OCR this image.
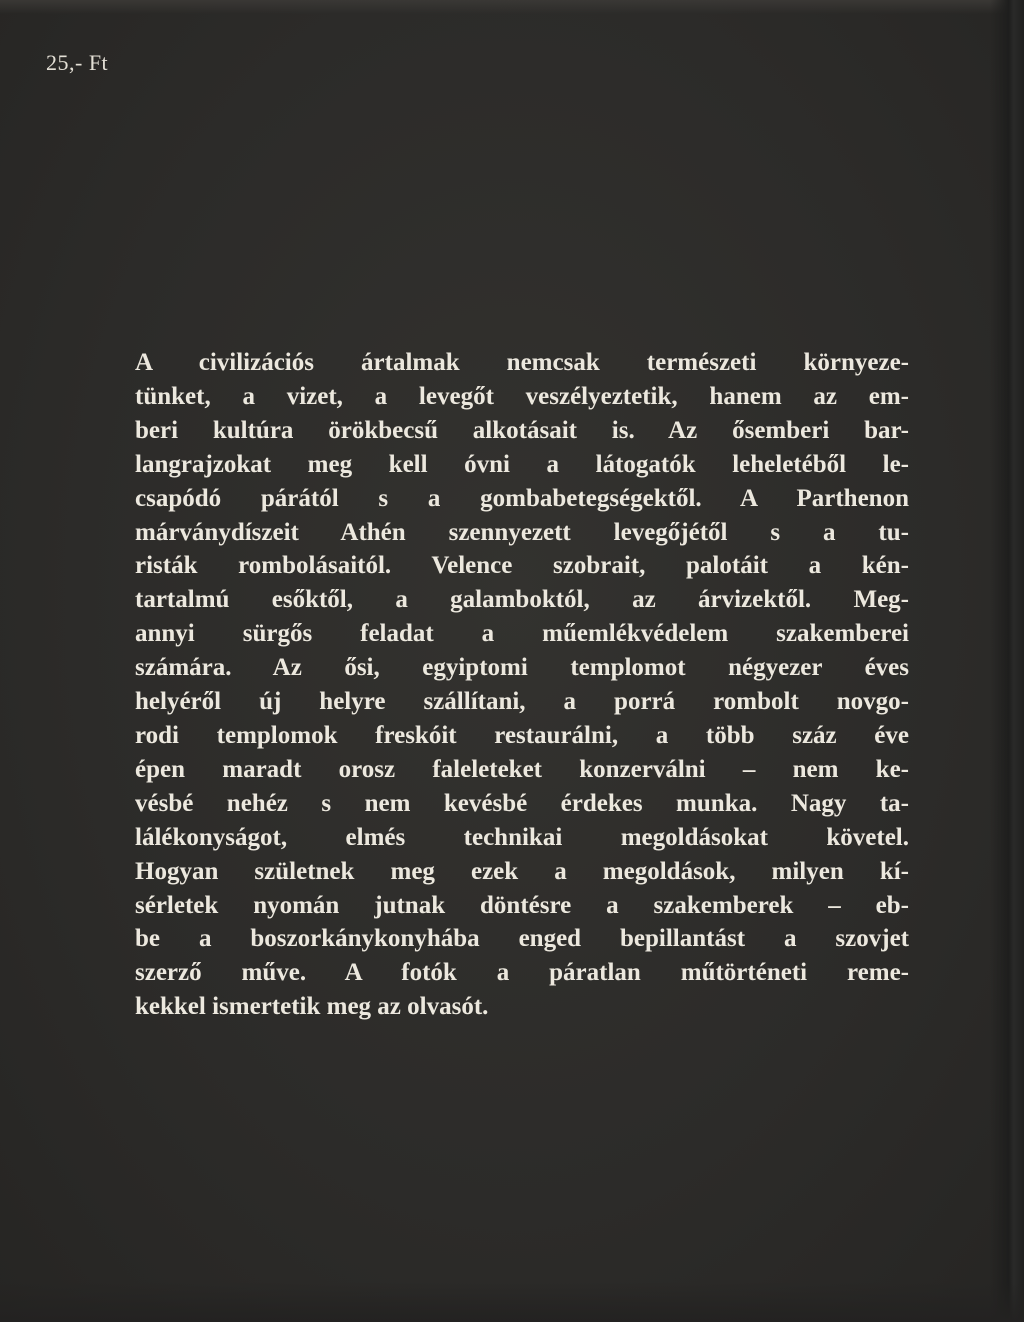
25,- Ft

A civilizációs ártalmak nemcsak természeti környeze-
tünket, a vizet, a levegőt veszélyeztetik, hanem az em-
beri kultúra örökbecsű alkotásait is. Az ősemberi bar-
langrajzokat meg kell óvni a látogatók leheletéből le-
csapódó párától s a gombabetegségektől. A Parthenon
márványdíszeit Athén szennyezett levegőjétől s a tu-
risták rombolásaitól. Velence szobrait, palotáit a kén-
tartalmú esőktől, a galamboktól, az árvizektől. Meg-
annyi sürgős feladat a műemlékvédelem szakemberei
számára. Az ősi, egyiptomi templomot négyezer éves
helyéről új helyre szállítani, a porrá rombolt novgo-
rodi templomok freskóit restaurálni, a több száz éve
épen maradt orosz faleleteket konzerválni – nem ke-
vésbé nehéz s nem kevésbé érdekes munka. Nagy ta-
lálékonyságot, elmés technikai megoldásokat követel.
Hogyan születnek meg ezek a megoldások, milyen kí-
sérletek nyomán jutnak döntésre a szakemberek – eb-
be a boszorkánykonyhába enged bepillantást a szovjet
szerző műve. A fotók a páratlan műtörténeti reme-
kekkel ismertetik meg az olvasót.
